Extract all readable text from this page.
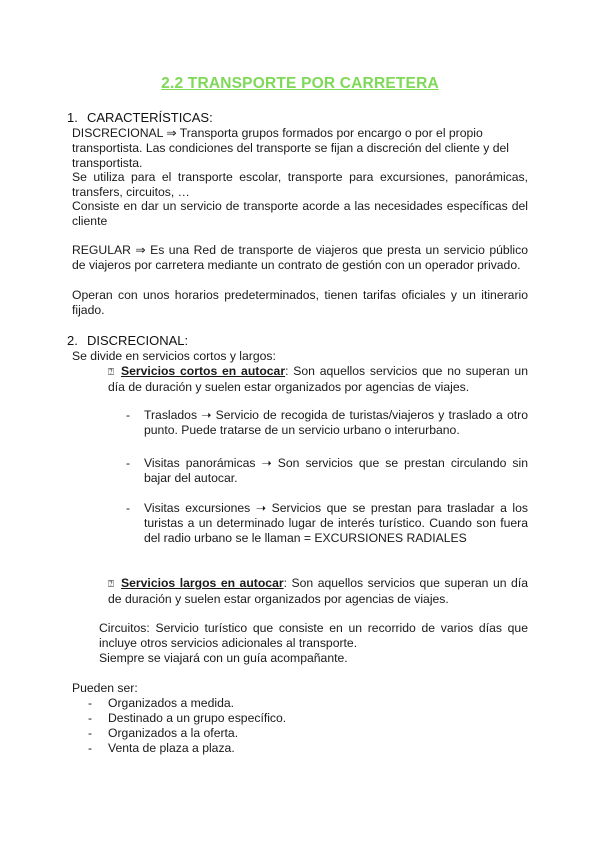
2.2 TRANSPORTE POR CARRETERA
1. CARACTERÍSTICAS:

DISCRECIONAL ⇒ Transporta grupos formados por encargo o por el propio transportista. Las condiciones del transporte se fijan a discreción del cliente y del transportista.

Se utiliza para el transporte escolar, transporte para excursiones, panorámicas, transfers, circuitos, …

Consiste en dar un servicio de transporte acorde a las necesidades específicas del cliente

REGULAR ⇒ Es una Red de transporte de viajeros que presta un servicio público de viajeros por carretera mediante un contrato de gestión con un operador privado.

Operan con unos horarios predeterminados, tienen tarifas oficiales y un itinerario fijado.

2. DISCRECIONAL:

Se divide en servicios cortos y largos:

⍰ Servicios cortos en autocar: Son aquellos servicios que no superan un día de duración y suelen estar organizados por agencias de viajes.

- Traslados ➝ Servicio de recogida de turistas/viajeros y traslado a otro punto. Puede tratarse de un servicio urbano o interurbano.
- Visitas panorámicas ➝ Son servicios que se prestan circulando sin bajar del autocar.
- Visitas excursiones ➝ Servicios que se prestan para trasladar a los turistas a un determinado lugar de interés turístico. Cuando son fuera del radio urbano se le llaman = EXCURSIONES RADIALES

⍰ Servicios largos en autocar: Son aquellos servicios que superan un día de duración y suelen estar organizados por agencias de viajes.

Circuitos: Servicio turístico que consiste en un recorrido de varios días que incluye otros servicios adicionales al transporte.

Siempre se viajará con un guía acompañante.

Pueden ser:

- Organizados a medida.
- Destinado a un grupo específico.
- Organizados a la oferta.
- Venta de plaza a plaza.
